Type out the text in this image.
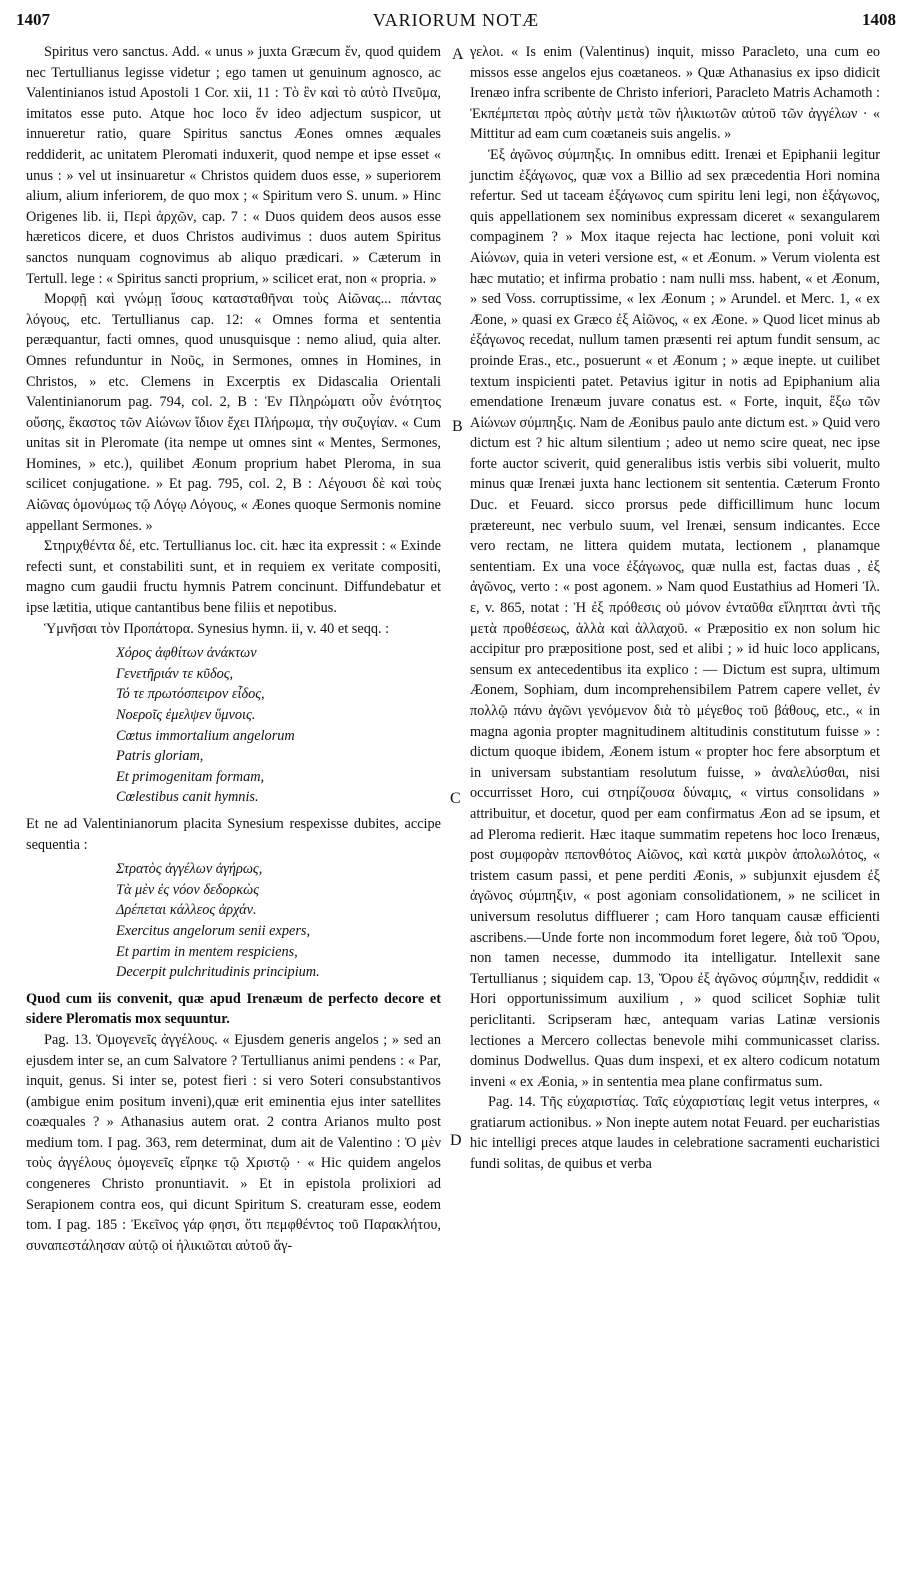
1407	VARIORUM NOTÆ	1408
A
B
C
D

Spiritus vero sanctus. Add. « unus » juxta Græcum ἕν, quod quidem nec Tertullianus legisse videtur ; ego tamen ut genuinum agnosco, ac Valentinianos istud Apostoli 1 Cor. xii, 11 : Τὸ ἓν καὶ τὸ αὐτὸ Πνεῦμα, imitatos esse puto. Atque hoc loco ἕν ideo adjectum suspicor, ut innueretur ratio, quare Spiritus sanctus Æones omnes æquales reddiderit, ac unitatem Pleromati induxerit, quod nempe et ipse esset « unus : » vel ut insinuaretur « Christos quidem duos esse, » superiorem alium, alium inferiorem, de quo mox ; « Spiritum vero S. unum. » Hinc Origenes lib. ii, Περὶ ἀρχῶν, cap. 7 : « Duos quidem deos ausos esse hæreticos dicere, et duos Christos audivimus : duos autem Spiritus sanctos nunquam cognovimus ab aliquo prædicari. » Cæterum in Tertull. lege : « Spiritus sancti proprium, » scilicet erat, non « propria. »

Μορφῇ καὶ γνώμῃ ἴσους κατασταθῆναι τοὺς Αἰῶνας... πάντας λόγους, etc. Tertullianus cap. 12: « Omnes forma et sententia peræquantur, facti omnes, quod unusquisque : nemo aliud, quia alter. Omnes refunduntur in Νοῦς, in Sermones, omnes in Homines, in Christos, » etc. Clemens in Excerptis ex Didascalia Orientali Valentinianorum pag. 794, col. 2, B : Ἐν Πληρώματι οὖν ἑνότητος οὔσης, ἕκαστος τῶν Αἰώνων ἴδιον ἔχει Πλήρωμα, τὴν συζυγίαν. « Cum unitas sit in Pleromate (ita nempe ut omnes sint « Mentes, Sermones, Homines, » etc.), quilibet Æonum proprium habet Pleroma, in sua scilicet conjugatione. » Et pag. 795, col. 2, B : Λέγουσι δὲ καὶ τοὺς Αἰῶνας ὁμονύμως τῷ Λόγῳ Λόγους, « Æones quoque Sermonis nomine appellant Sermones. »

Στηριχθέντα δέ, etc. Tertullianus loc. cit. hæc ita expressit : « Exinde refecti sunt, et constabiliti sunt, et in requiem ex veritate compositi, magno cum gaudii fructu hymnis Patrem concinunt. Diffundebatur et ipse lætitia, utique cantantibus bene filiis et nepotibus.

Ὑμνῆσαι τὸν Προπάτορα. Synesius hymn. ii, v. 40 et seqq. :

Χόρος ἀφθίτων ἀνάκτων
Γενετῆριάν τε κῦδος,
Τό τε πρωτόσπειρον εἶδος,
Νοεροῖς ἐμελψεν ὕμνοις.
Cœtus immortalium angelorum
Patris gloriam,
Et primogenitam formam,
Cœlestibus canit hymnis.

Et ne ad Valentinianorum placita Synesium respexisse dubites, accipe sequentia :

Στρατὸς ἀγγέλων ἀγήρως,
Τὰ μὲν ἐς νόον δεδορκὼς
Δρέπεται κάλλεος ἀρχάν.
Exercitus angelorum senii expers,
Et partim in mentem respiciens,
Decerpit pulchritudinis principium.

Quod cum iis convenit, quæ apud Irenæum de perfecto decore et sidere Pleromatis mox sequuntur.

Pag. 13. Ὁμογενεῖς ἀγγέλους. « Ejusdem generis angelos ; » sed an ejusdem inter se, an cum Salvatore ? Tertullianus animi pendens : « Par, inquit, genus. Si inter se, potest fieri : si vero Soteri consubstantivos (ambigue enim positum inveni),quæ erit eminentia ejus inter satellites coæquales ? » Athanasius autem orat. 2 contra Arianos multo post medium tom. I pag. 363, rem determinat, dum ait de Valentino : Ὁ μὲν τοὺς ἀγγέλους ὁμογενεῖς εἴρηκε τῷ Χριστῷ · « Hic quidem angelos congeneres Christo pronuntiavit. » Et in epistola prolixiori ad Serapionem contra eos, qui dicunt Spiritum S. creaturam esse, eodem tom. I pag. 185 : Ἐκεῖνος γάρ φησι, ὅτι πεμφθέντος τοῦ Παρακλήτου, συναπεστάλησαν αὐτῷ οἱ ἡλικιῶται αὐτοῦ ἄγ-

γελοι. « Is enim (Valentinus) inquit, misso Paracleto, una cum eo missos esse angelos ejus coætaneos. » Quæ Athanasius ex ipso didicit Irenæo infra scribente de Christo inferiori, Paracleto Matris Achamoth : Ἐκπέμπεται πρὸς αὐτὴν μετὰ τῶν ἡλικιωτῶν αὐτοῦ τῶν ἀγγέλων · « Mittitur ad eam cum coætaneis suis angelis. »

Ἐξ ἀγῶνος σύμπηξις. In omnibus editt. Irenæi et Epiphanii legitur junctim ἐξάγωνος, quæ vox a Billio ad sex præcedentia Hori nomina refertur. Sed ut taceam ἐξάγωνος cum spiritu leni legi, non ἑξάγωνος, quis appellationem sex nominibus expressam diceret « sexangularem compaginem ? » Mox itaque rejecta hac lectione, poni voluit καὶ Αἰώνων, quia in veteri versione est, « et Æonum. » Verum violenta est hæc mutatio; et infirma probatio : nam nulli mss. habent, « et Æonum, » sed Voss. corruptissime, « lex Æonum ; » Arundel. et Merc. 1, « ex Æone, » quasi ex Græco ἐξ Αἰῶνος, « ex Æone. » Quod licet minus ab ἐξάγωνος recedat, nullum tamen præsenti rei aptum fundit sensum, ac proinde Eras., etc., posuerunt « et Æonum ; » æque inepte. ut cuilibet textum inspicienti patet. Petavius igitur in notis ad Epiphanium alia emendatione Irenæum juvare conatus est. « Forte, inquit, ἔξω τῶν Αἰώνων σύμπηξις. Nam de Æonibus paulo ante dictum est. » Quid vero dictum est ? hic altum silentium ; adeo ut nemo scire queat, nec ipse forte auctor sciverit, quid generalibus istis verbis sibi voluerit, multo minus quæ Irenæi juxta hanc lectionem sit sententia. Cæterum Fronto Duc. et Feuard. sicco prorsus pede difficillimum hunc locum prætereunt, nec verbulo suum, vel Irenæi, sensum indicantes. Ecce vero rectam, ne littera quidem mutata, lectionem , planamque sententiam. Ex una voce ἐξάγωνος, quæ nulla est, factas duas , ἐξ ἀγῶνος, verto : « post agonem. » Nam quod Eustathius ad Homeri Ἰλ. ε, v. 865, notat : Ἡ ἐξ πρόθεσις οὐ μόνον ἐνταῦθα εἴληπται ἀντὶ τῆς μετὰ προθέσεως, ἀλλὰ καὶ ἀλλαχοῦ. « Præpositio ex non solum hic accipitur pro præpositione post, sed et alibi ; » id huic loco applicans, sensum ex antecedentibus ita explico : — Dictum est supra, ultimum Æonem, Sophiam, dum incomprehensibilem Patrem capere vellet, ἐν πολλῷ πάνυ ἀγῶνι γενόμενον διὰ τὸ μέγεθος τοῦ βάθους, etc., « in magna agonia propter magnitudinem altitudinis constitutum fuisse » : dictum quoque ibidem, Æonem istum « propter hoc fere absorptum et in universam substantiam resolutum fuisse, » ἀναλελύσθαι, nisi occurrisset Horo, cui στηρίζουσα δύναμις, « virtus consolidans » attribuitur, et docetur, quod per eam confirmatus Æon ad se ipsum, et ad Pleroma redierit. Hæc itaque summatim repetens hoc loco Irenæus, post συμφορὰν πεπονθότος Αἰῶνος, καὶ κατὰ μικρὸν ἀπολωλότος, « tristem casum passi, et pene perditi Æonis, » subjunxit ejusdem ἐξ ἀγῶνος σύμπηξιν, « post agoniam consolidationem, » ne scilicet in universum resolutus diffluerer ; cam Horo tanquam causæ efficienti ascribens.—Unde forte non incommodum foret legere, διὰ τοῦ Ὅρου, non tamen necesse, dummodo ita intelligatur. Intellexit sane Tertullianus ; siquidem cap. 13, Ὅρου ἐξ ἀγῶνος σύμπηξιν, reddidit « Hori opportunissimum auxilium , » quod scilicet Sophiæ tulit periclitanti. Scripseram hæc, antequam varias Latinæ versionis lectiones a Mercero collectas benevole mihi communicasset clariss. dominus Dodwellus. Quas dum inspexi, et ex altero codicum notatum inveni « ex Æonia, » in sententia mea plane confirmatus sum.

Pag. 14. Τῆς εὐχαριστίας. Ταῖς εὐχαριστίαις legit vetus interpres, « gratiarum actionibus. » Non inepte autem notat Feuard. per eucharistias hic intelligi preces atque laudes in celebratione sacramenti eucharistici fundi solitas, de quibus et verba
